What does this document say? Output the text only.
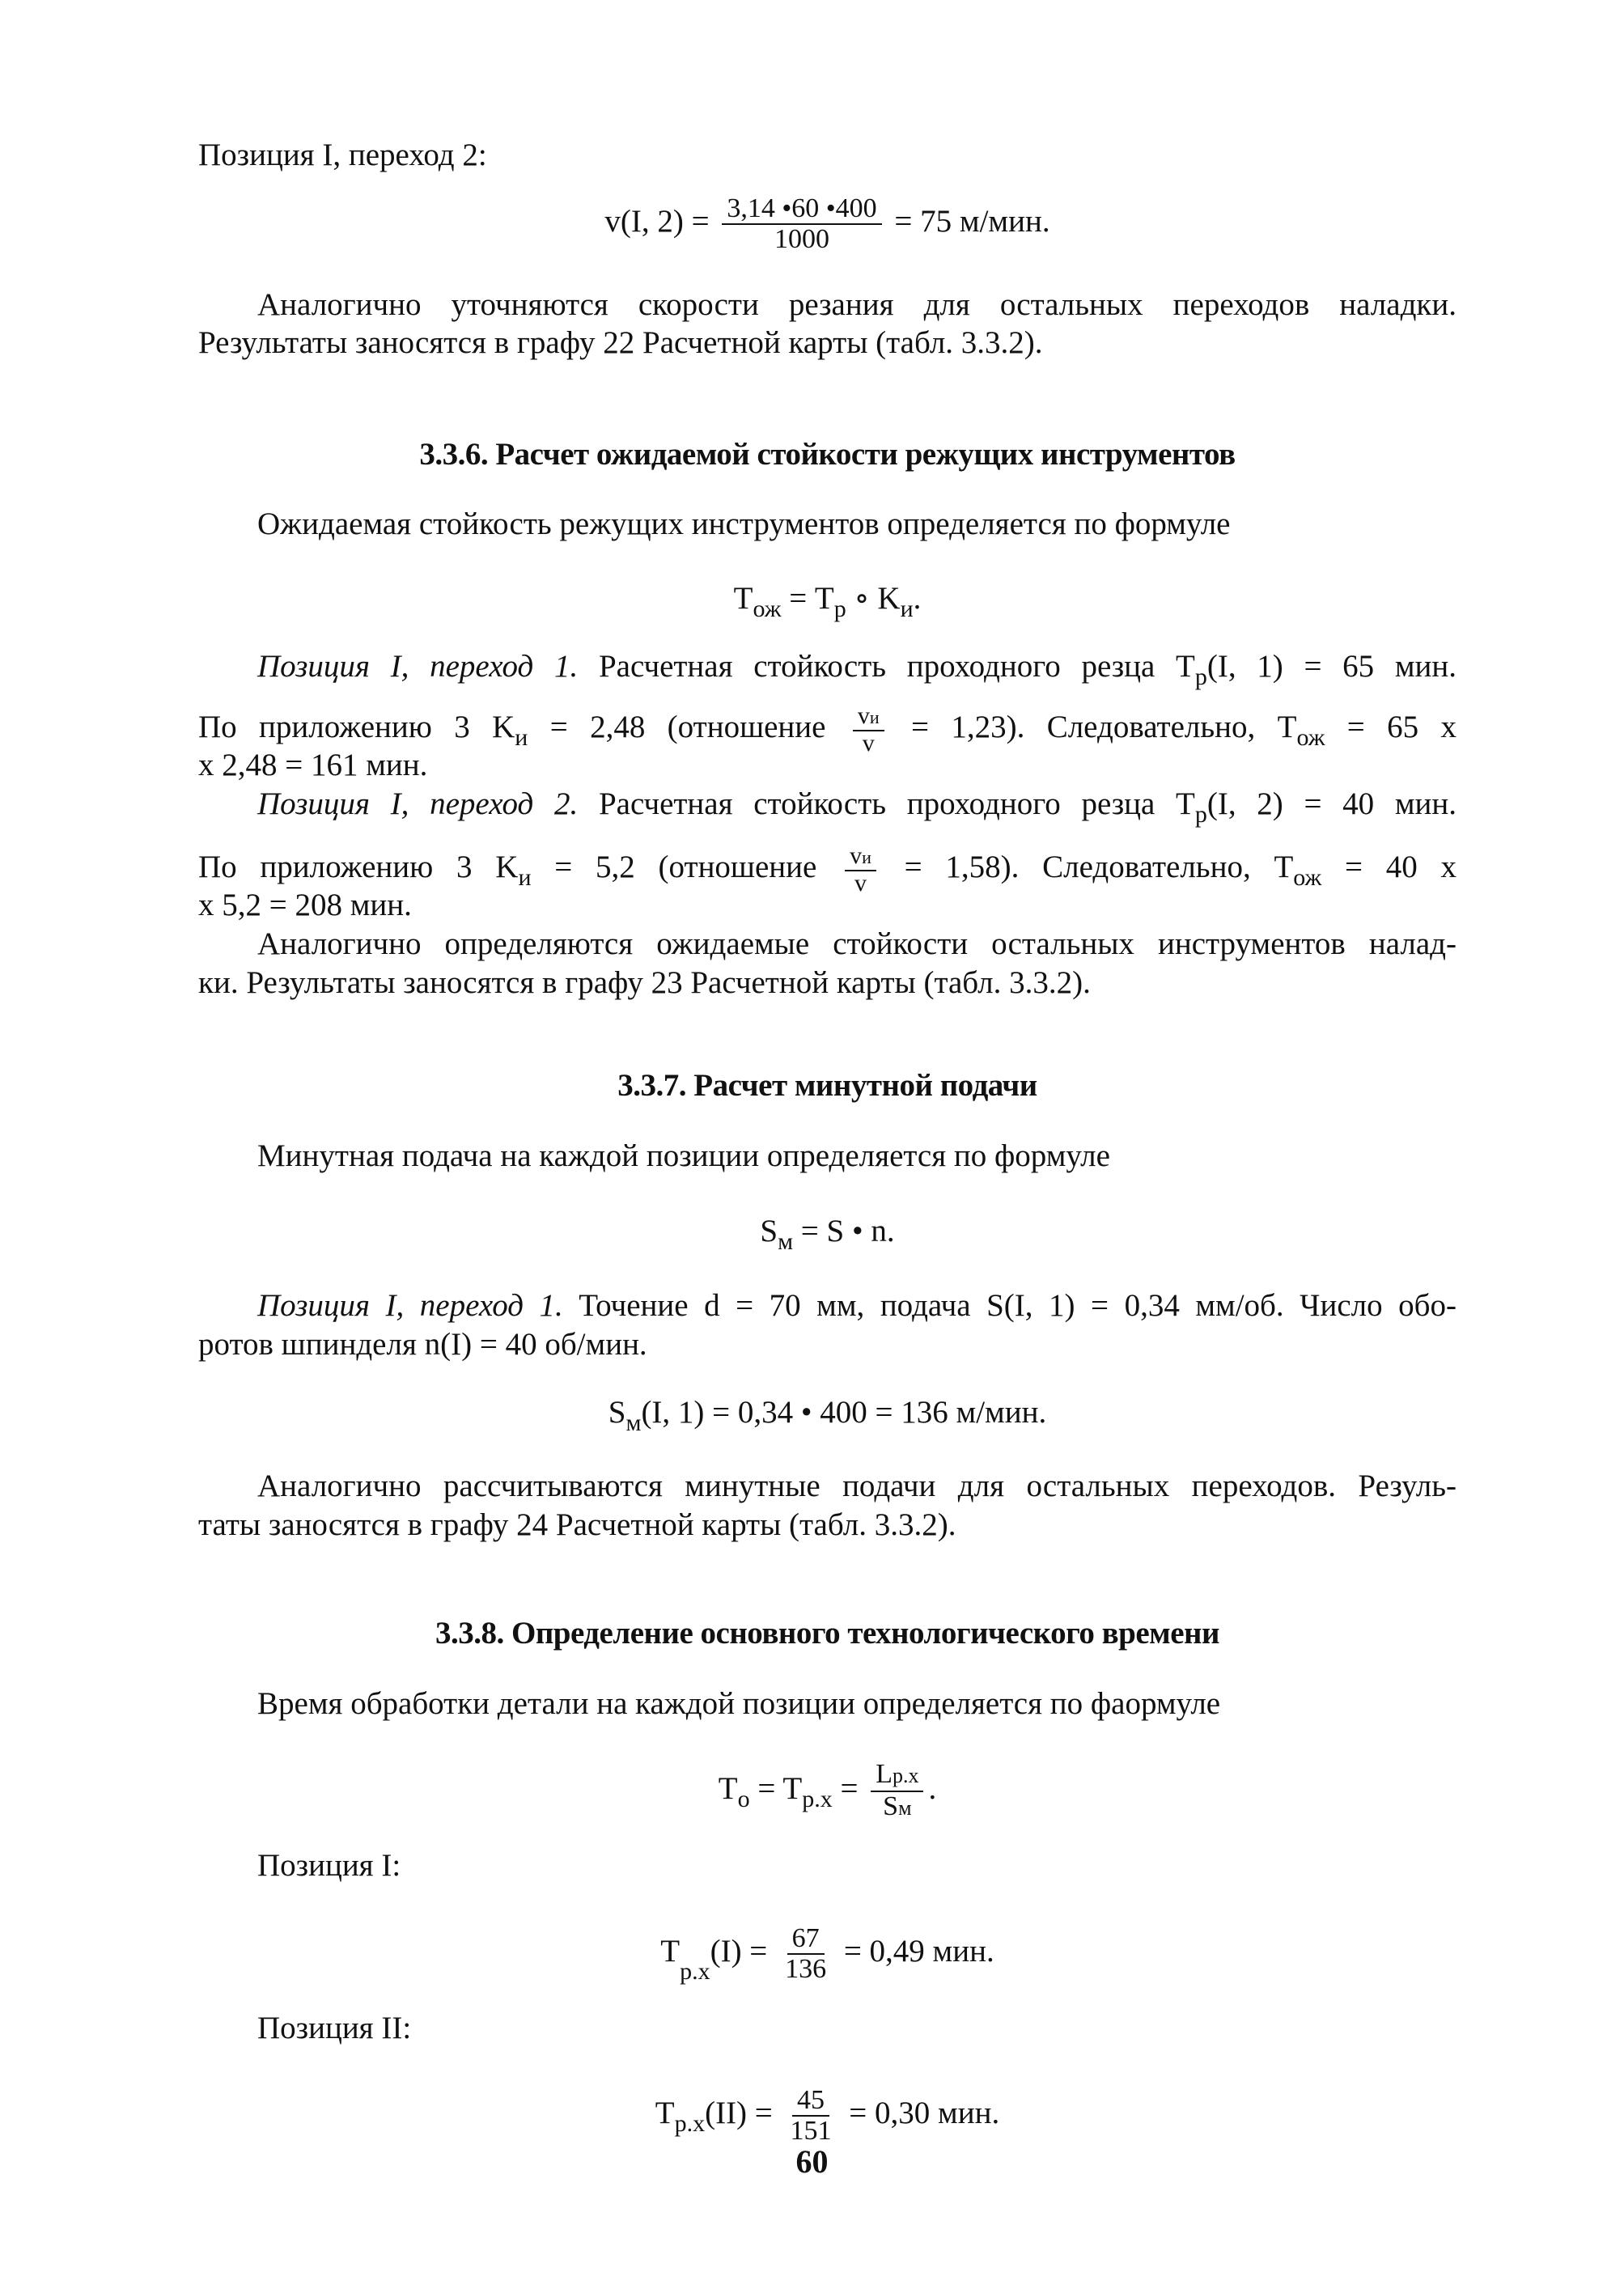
Позиция I, переход 2:
v(I, $2) = \frac{3,14 •60 •400}{1000} = 75$ м/мин.
Аналогично уточняются скорости резания для остальных переходов наладки.
Результаты заносятся в графу 22 Расчетной карты (табл. 3.3.2).
3.3.6. Расчет ожидаемой стойкости режущих инструментов
Ожидаемая стойкость режущих инструментов определяется по формуле
$T_{ож} = T_p$ ∘ $K_и$.
Позиция I, переход 1. Расчетная стойкость проходного резца $T_p(I$, 1) = 65 мин.
По приложению 3 $K_и = 2,48$ (отношение $\frac{vи}{v} = 1,23$). Следовательно, $T_{ож} = 65$ х
х 2,48 = 161 мин.
Позиция I, переход 2. Расчетная стойкость проходного резца $T_p(I$, 2) = 40 мин.
По приложению 3 $K_и = 5,2$ (отношение $\frac{vи}{v} = 1,58$). Следовательно, $T_{ож} = 40$ х
х 5,2 = 208 мин.
Аналогично определяются ожидаемые стойкости остальных инструментов налад-
ки. Результаты заносятся в графу 23 Расчетной карты (табл. 3.3.2).
3.3.7. Расчет минутной подачи
Минутная подача на каждой позиции определяется по формуле
$S_м = S$ • n.
Позиция I, переход 1. Точение d = 70 мм, подача S(I, 1) = 0,34 мм/об. Число обо-
ротов шпинделя n(I) = 40 об/мин.
$S_м(I$, 1) = 0,34 • 400 = 136 м/мин.
Аналогично рассчитываются минутные подачи для остальных переходов. Резуль-
таты заносятся в графу 24 Расчетной карты (табл. 3.3.2).
3.3.8. Определение основного технологического времени
Время обработки детали на каждой позиции определяется по фаормуле
$T_o = T_{p.x} = \frac{Lp.x}{Sм}$ .
Позиция I:
$T_{p.x}(I) = \frac{67}{136} = 0,49$ мин.
Позиция II:
$T_{p.x}(II) = \frac{45}{151} = 0,30$ мин.
60
